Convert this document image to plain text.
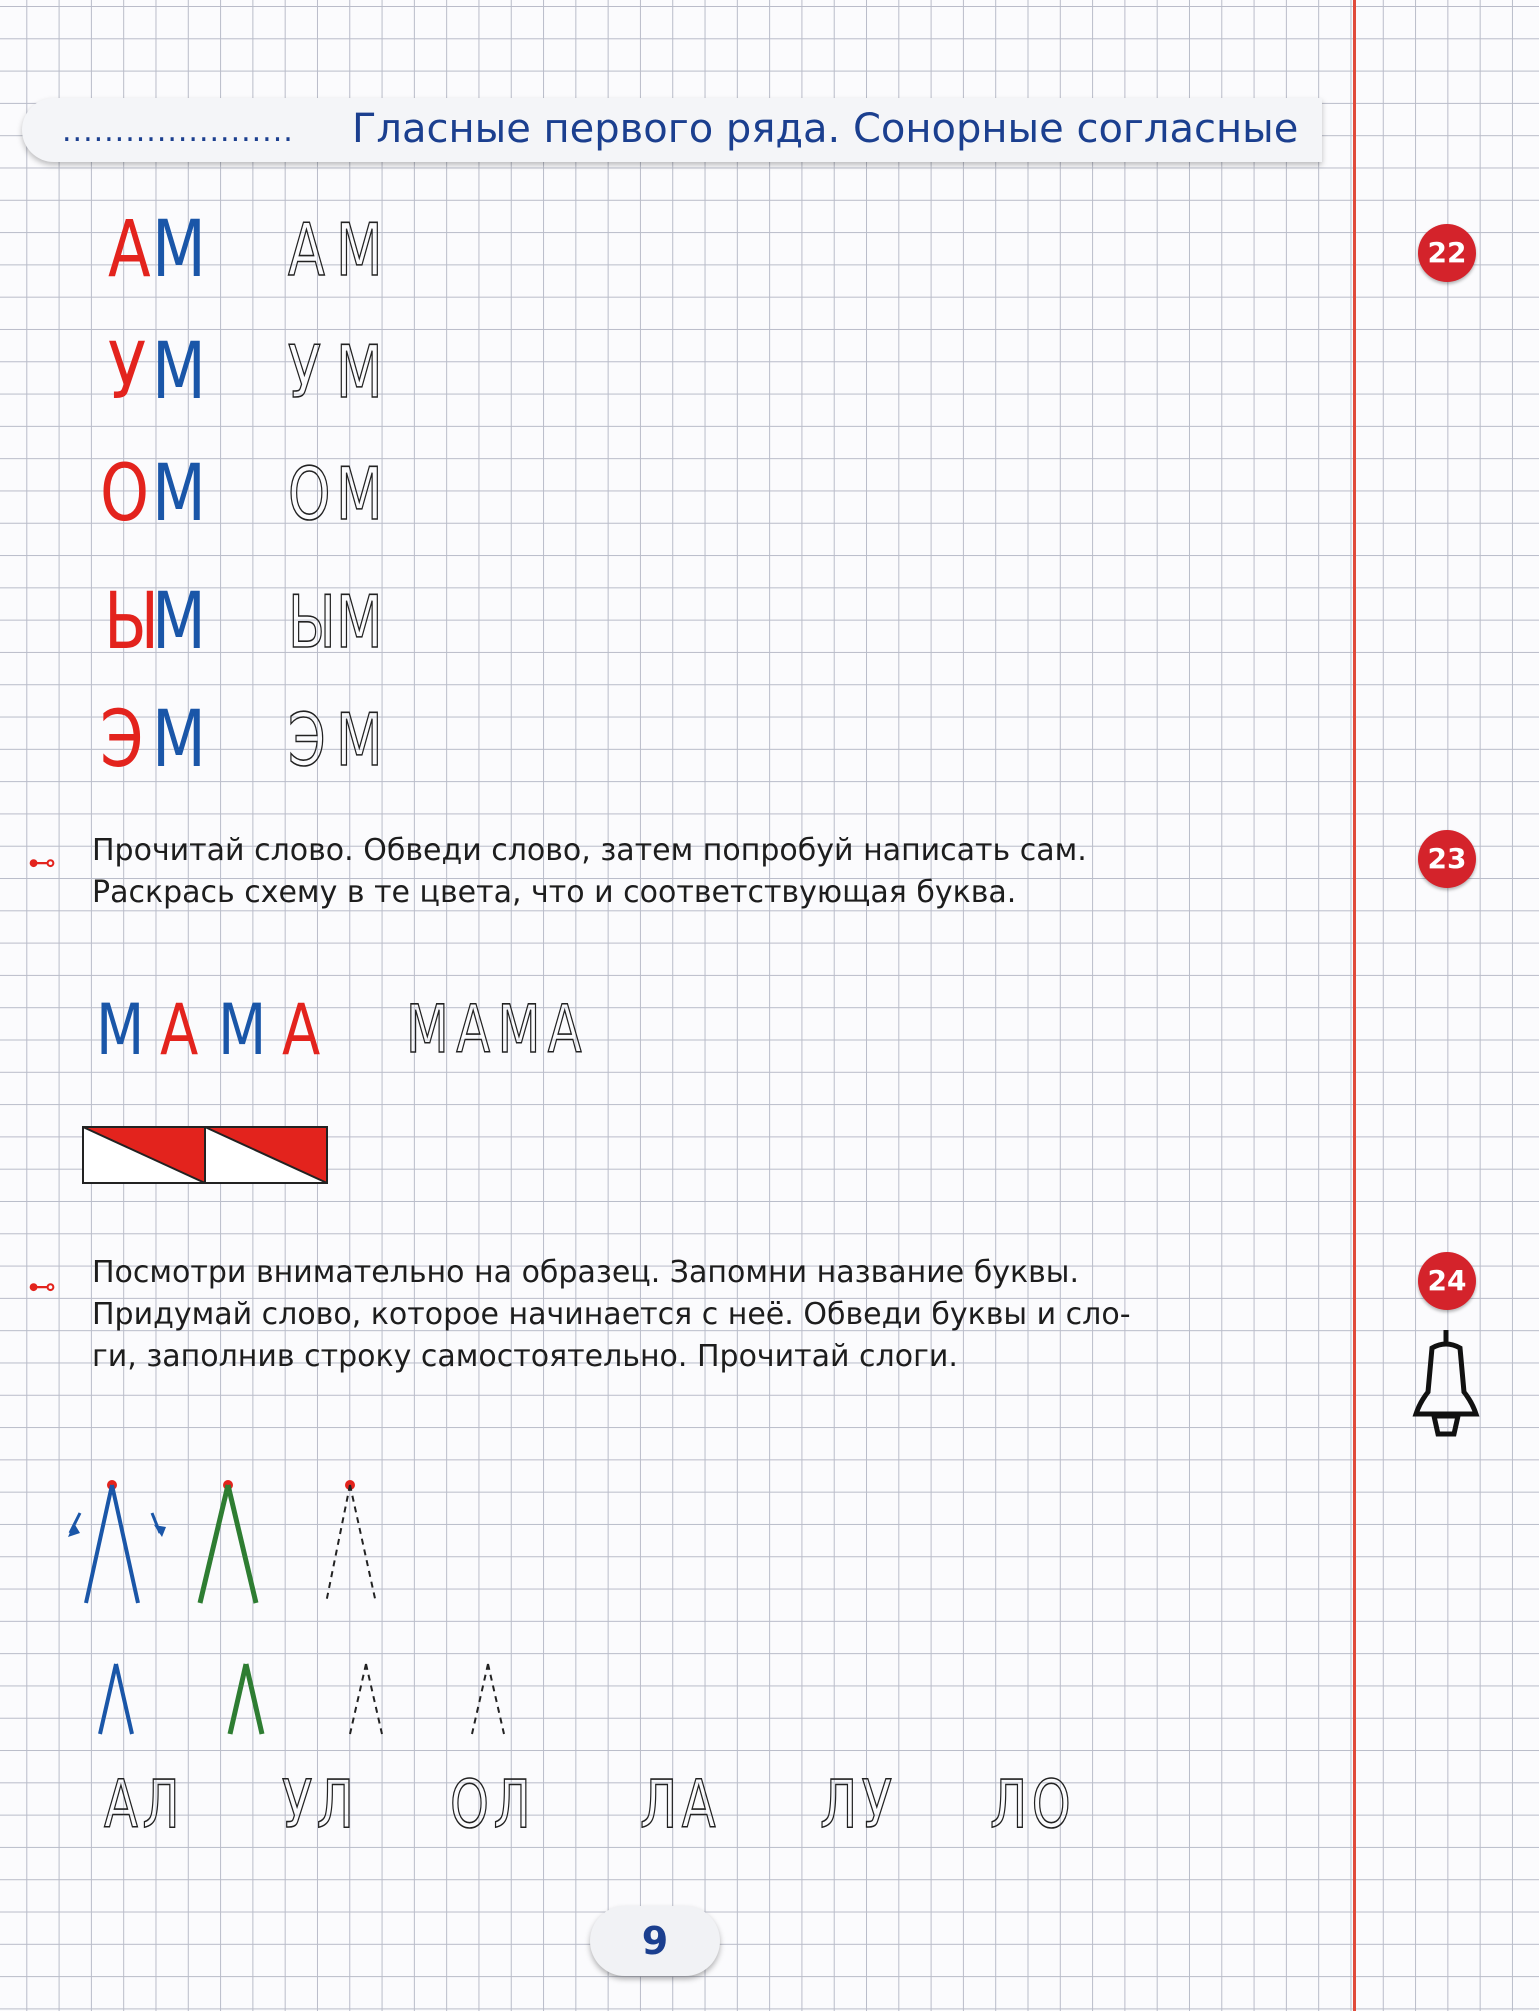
...................... Гласные первого ряда. Сонорные согласные
22
23
24
А М А М
У М У М
О М О М
Ы
М Ы
М
Э М Э М
⊷ Прочитай слово. Обведи слово, затем попробуй написать сам.
Раскрась схему в те цвета, что и соответствующая буква.
М А М А МАМА
⊷ Посмотри внимательно на образец. Запомни название буквы.
Придумай слово, которое начинается с неё. Обведи буквы и сло-
ги, заполнив строку самостоятельно. Прочитай слоги.
АЛ УЛ ОЛ ЛА ЛУ ЛО
9
